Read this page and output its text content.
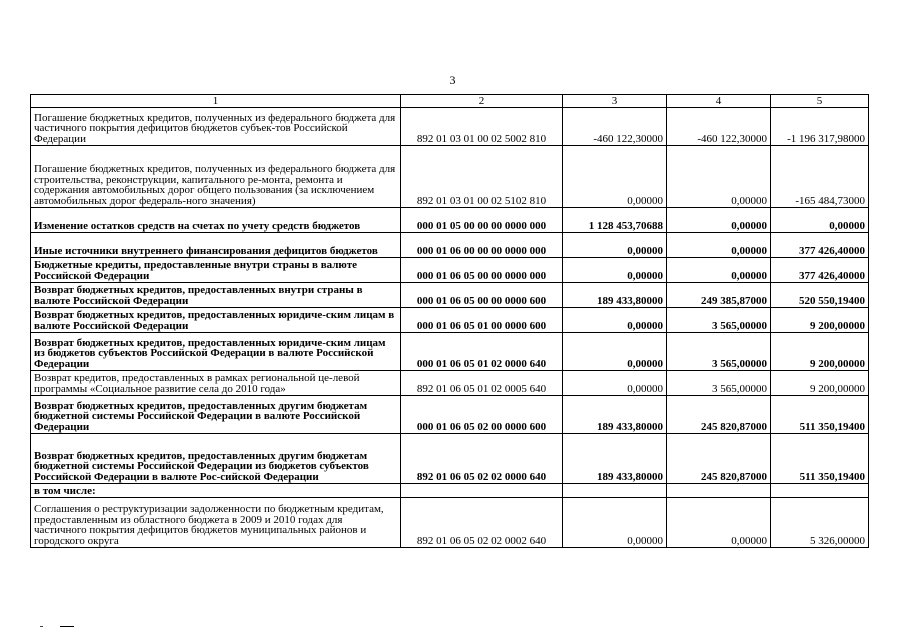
3
1	2	3	4	5
Погашение бюджетных кредитов, полученных из федерального бюджета для частичного покрытия дефицитов бюджетов субъек-тов Российской Федерации	892 01 03 01 00 02 5002 810	-460 122,30000	-460 122,30000	-1 196 317,98000
Погашение бюджетных кредитов, полученных из федерального бюджета для строительства, реконструкции, капитального ре-монта, ремонта и содержания автомобильных дорог общего пользования (за исключением автомобильных дорог федераль-ного значения)	892 01 03 01 00 02 5102 810	0,00000	0,00000	-165 484,73000
Изменение остатков средств на счетах по учету средств бюджетов	000 01 05 00 00 00 0000 000	1 128 453,70688	0,00000	0,00000
Иные источники внутреннего финансирования дефицитов бюджетов	000 01 06 00 00 00 0000 000	0,00000	0,00000	377 426,40000
Бюджетные кредиты, предоставленные внутри страны в валюте Российской Федерации	000 01 06 05 00 00 0000 000	0,00000	0,00000	377 426,40000
Возврат бюджетных кредитов, предоставленных внутри страны в валюте Российской Федерации	000 01 06 05 00 00 0000 600	189 433,80000	249 385,87000	520 550,19400
Возврат бюджетных кредитов, предоставленных юридиче-ским лицам в валюте Российской Федерации	000 01 06 05 01 00 0000 600	0,00000	3 565,00000	9 200,00000
Возврат бюджетных кредитов, предоставленных юридиче-ским лицам из бюджетов субъектов Российской Федерации в валюте Российской Федерации	000 01 06 05 01 02 0000 640	0,00000	3 565,00000	9 200,00000
Возврат кредитов, предоставленных в рамках региональной це-левой программы «Социальное развитие села до 2010 года»	892 01 06 05 01 02 0005 640	0,00000	3 565,00000	9 200,00000
Возврат бюджетных кредитов, предоставленных другим бюджетам бюджетной системы Российской Федерации в валюте Российской Федерации	000 01 06 05 02 00 0000 600	189 433,80000	245 820,87000	511 350,19400
Возврат бюджетных кредитов, предоставленных другим бюджетам бюджетной системы Российской Федерации из бюджетов субъектов Российской Федерации в валюте Рос-сийской Федерации	892 01 06 05 02 02 0000 640	189 433,80000	245 820,87000	511 350,19400
в том числе:				
Соглашения о реструктуризации задолженности по бюджетным кредитам, предоставленным из областного бюджета в 2009 и 2010 годах для частичного покрытия дефицитов бюджетов муниципальных районов и городского округа	892 01 06 05 02 02 0002 640	0,00000	0,00000	5 326,00000
